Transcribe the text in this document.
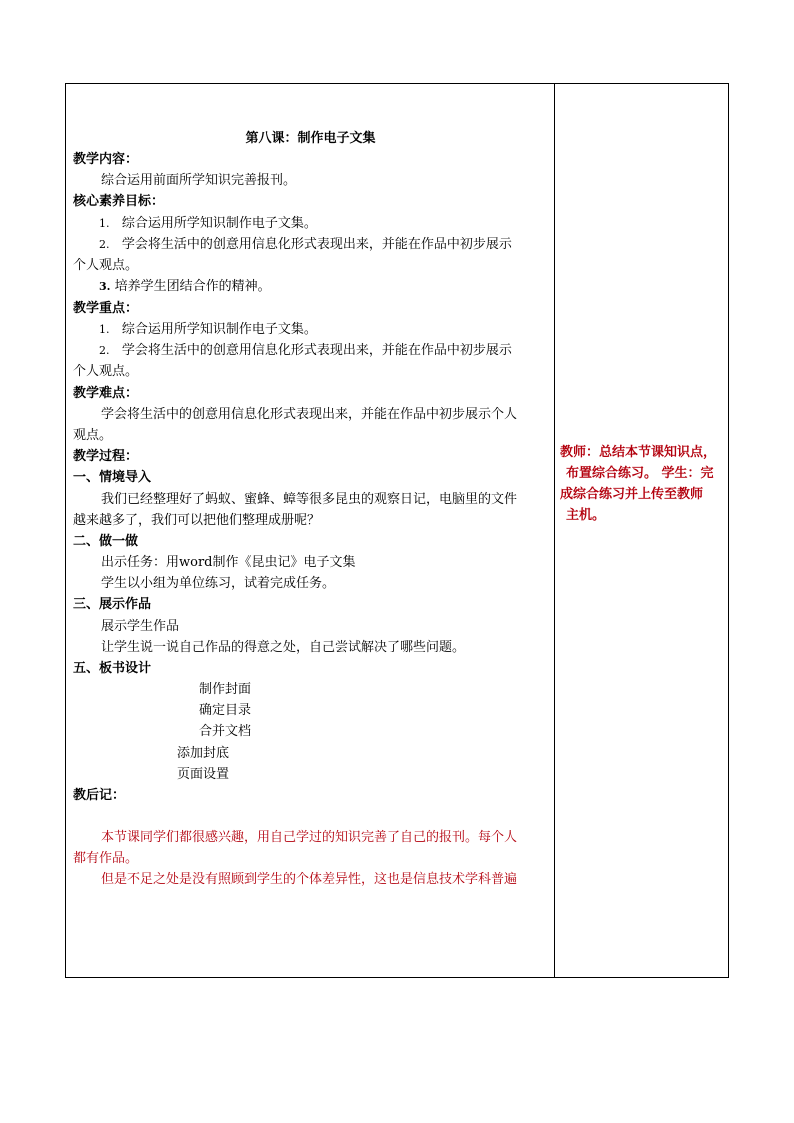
第八课：制作电子文集
教学内容：
综合运用前面所学知识完善报刊。
核心素养目标：
1. 综合运用所学知识制作电子文集。
2. 学会将生活中的创意用信息化形式表现出来，并能在作品中初步展示
个人观点。
3. 培养学生团结合作的精神。
教学重点：
1. 综合运用所学知识制作电子文集。
2. 学会将生活中的创意用信息化形式表现出来，并能在作品中初步展示
个人观点。
教学难点：
学会将生活中的创意用信息化形式表现出来，并能在作品中初步展示个人
观点。
教学过程：
一、情境导入
我们已经整理好了蚂蚁、蜜蜂、蟑等很多昆虫的观察日记，电脑里的文件
越来越多了，我们可以把他们整理成册呢？
二、做一做
出示任务：用word制作《昆虫记》电子文集
学生以小组为单位练习，试着完成任务。
三、展示作品
展示学生作品
让学生说一说自己作品的得意之处，自己尝试解决了哪些问题。
五、板书设计
制作封面
确定目录
合并文档
添加封底
页面设置
教后记：
本节课同学们都很感兴趣，用自己学过的知识完善了自己的报刊。每个人
都有作品。
但是不足之处是没有照顾到学生的个体差异性，这也是信息技术学科普遍
教师：总结本节课知识点，
布置综合练习。 学生：完
成综合练习并上传至教师
主机。
